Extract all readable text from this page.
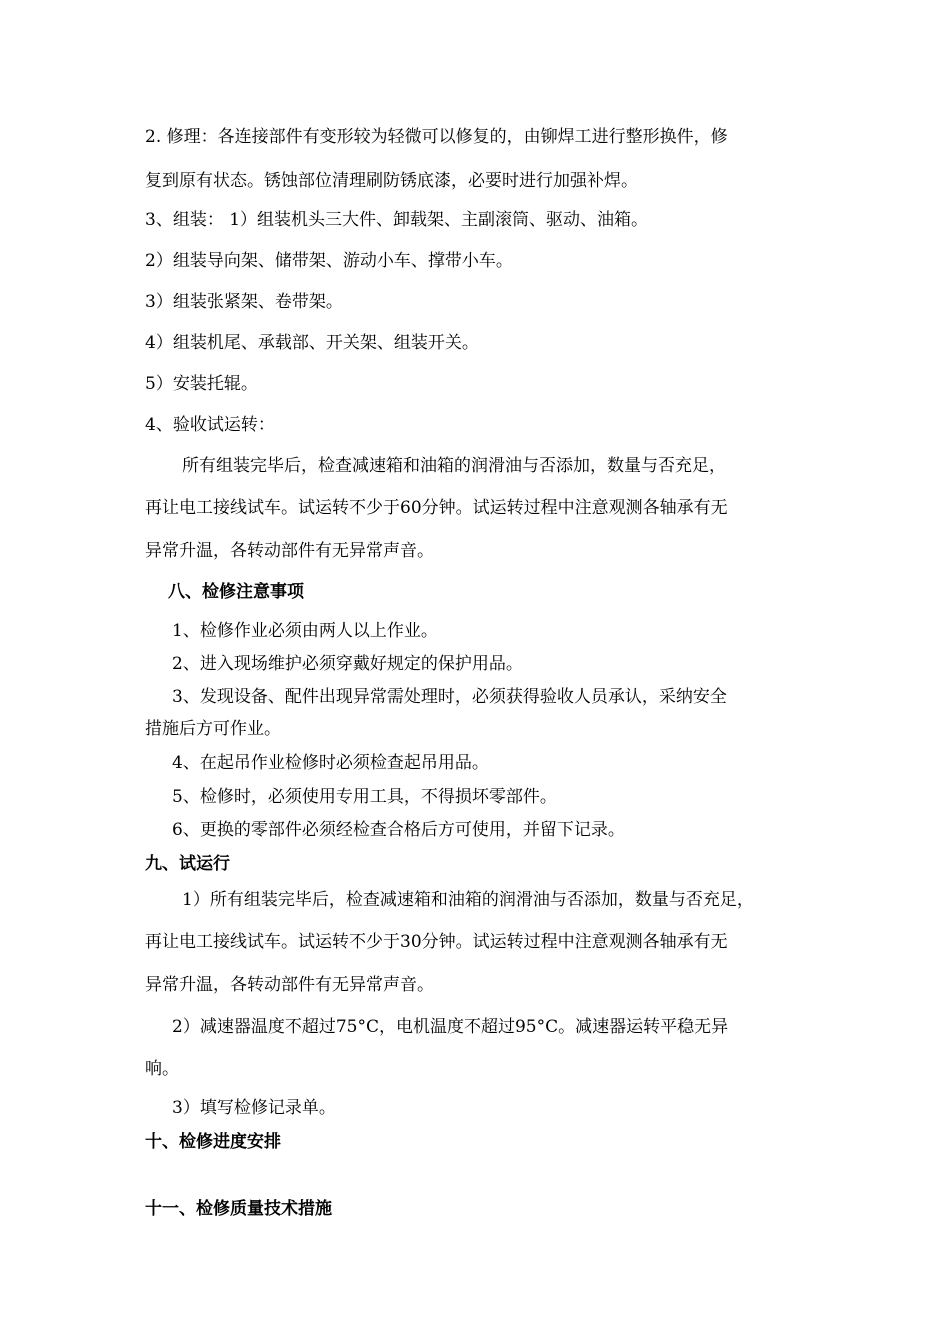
2. 修理：各连接部件有变形较为轻微可以修复的，由铆焊工进行整形换件，修
复到原有状态。锈蚀部位清理刷防锈底漆，必要时进行加强补焊。
3、组装： 1）组装机头三大件、卸载架、主副滚筒、驱动、油箱。
2）组装导向架、储带架、游动小车、撑带小车。
3）组装张紧架、卷带架。
4）组装机尾、承载部、开关架、组装开关。
5）安装托辊。
4、验收试运转：
所有组装完毕后，检查减速箱和油箱的润滑油与否添加，数量与否充足，
再让电工接线试车。试运转不少于60分钟。试运转过程中注意观测各轴承有无
异常升温，各转动部件有无异常声音。
八、检修注意事项
1、检修作业必须由两人以上作业。
2、进入现场维护必须穿戴好规定的保护用品。
3、发现设备、配件出现异常需处理时，必须获得验收人员承认，采纳安全
措施后方可作业。
4、在起吊作业检修时必须检查起吊用品。
5、检修时，必须使用专用工具，不得损坏零部件。
6、更换的零部件必须经检查合格后方可使用，并留下记录。
九、试运行
1）所有组装完毕后，检查减速箱和油箱的润滑油与否添加，数量与否充足，
再让电工接线试车。试运转不少于30分钟。试运转过程中注意观测各轴承有无
异常升温，各转动部件有无异常声音。
2）减速器温度不超过75°C，电机温度不超过95°C。减速器运转平稳无异
响。
3）填写检修记录单。
十、检修进度安排
十一、检修质量技术措施
